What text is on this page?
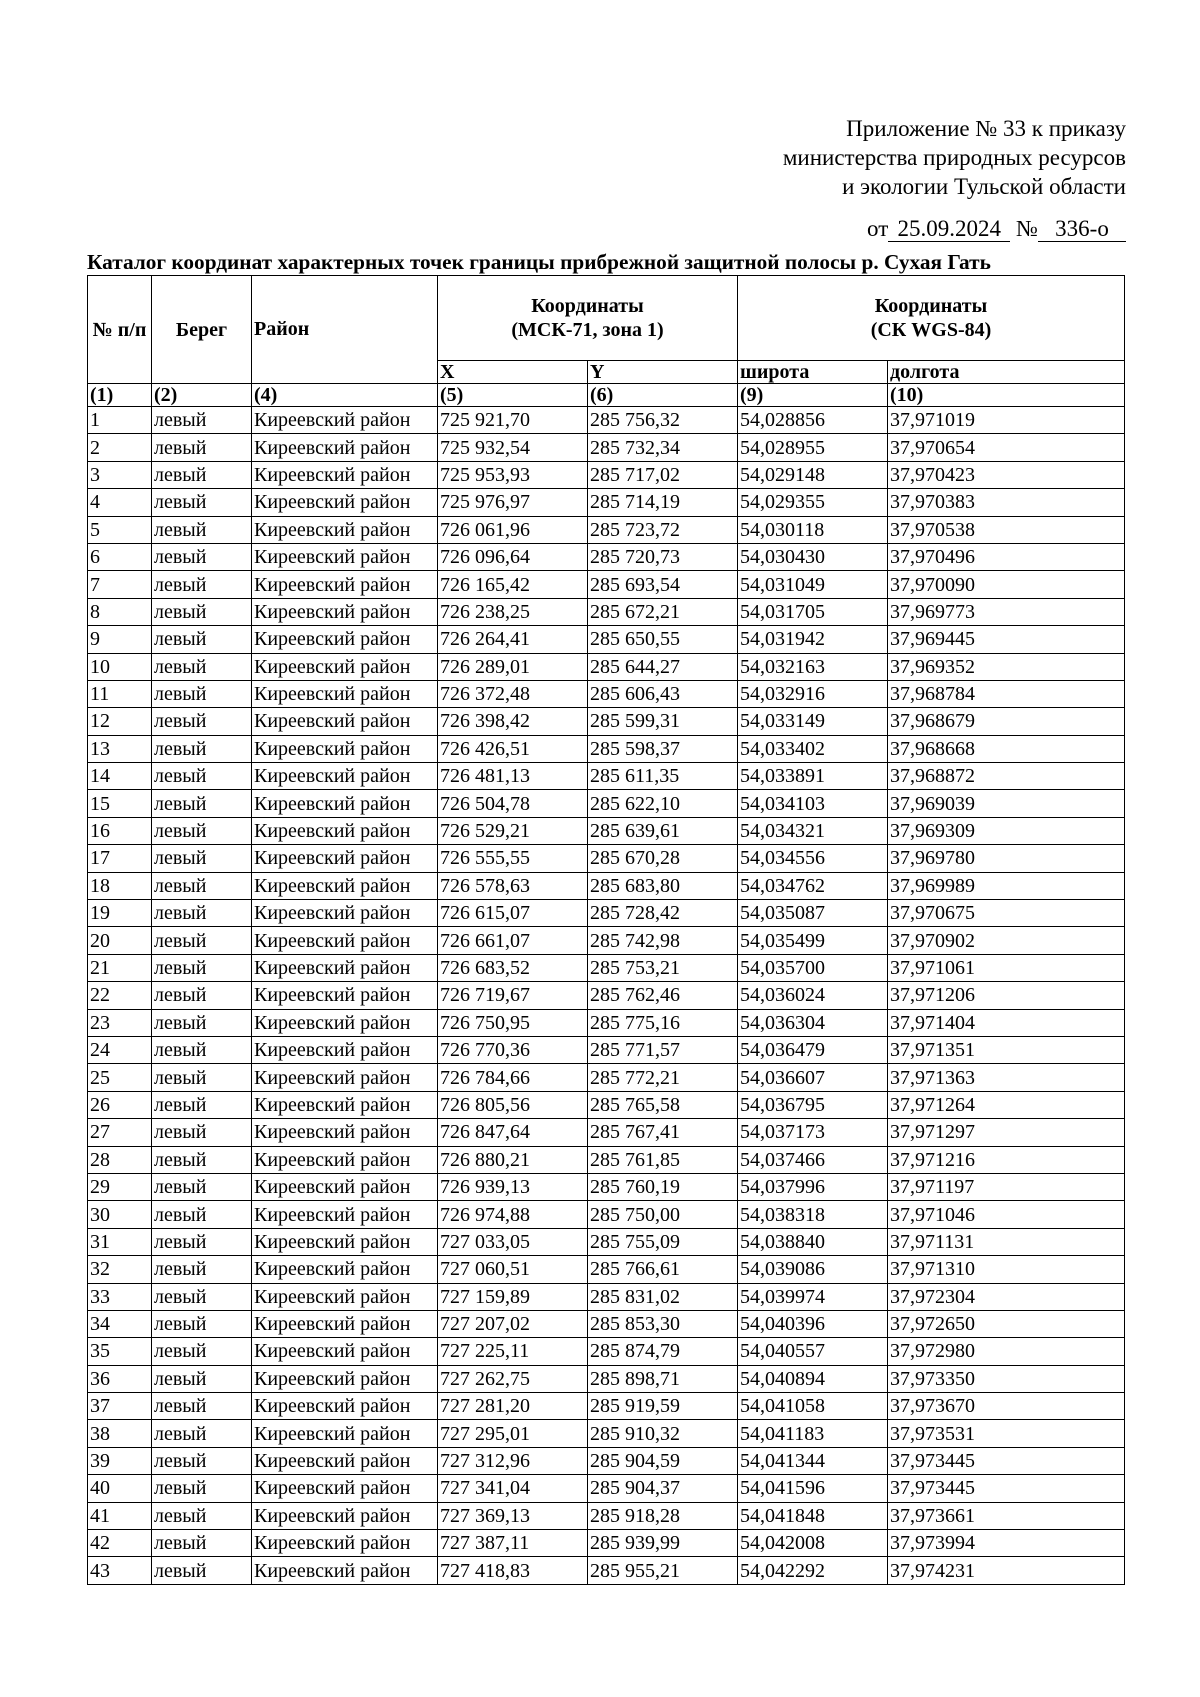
Приложение № 33 к приказу
министерства природных ресурсов
и экологии Тульской области
от 25.09.2024 № 336-о
Каталог координат характерных точек границы прибрежной защитной полосы р. Сухая Гать
№ п/п	Берег	Район	Координаты (МСК-71, зона 1)		Координаты (СК WGS-84)	
			X	Y	широта	долгота
(1)	(2)	(4)	(5)	(6)	(9)	(10)
1	левый	Киреевский район	725 921,70	285 756,32	54,028856	37,971019
2	левый	Киреевский район	725 932,54	285 732,34	54,028955	37,970654
3	левый	Киреевский район	725 953,93	285 717,02	54,029148	37,970423
4	левый	Киреевский район	725 976,97	285 714,19	54,029355	37,970383
5	левый	Киреевский район	726 061,96	285 723,72	54,030118	37,970538
6	левый	Киреевский район	726 096,64	285 720,73	54,030430	37,970496
7	левый	Киреевский район	726 165,42	285 693,54	54,031049	37,970090
8	левый	Киреевский район	726 238,25	285 672,21	54,031705	37,969773
9	левый	Киреевский район	726 264,41	285 650,55	54,031942	37,969445
10	левый	Киреевский район	726 289,01	285 644,27	54,032163	37,969352
11	левый	Киреевский район	726 372,48	285 606,43	54,032916	37,968784
12	левый	Киреевский район	726 398,42	285 599,31	54,033149	37,968679
13	левый	Киреевский район	726 426,51	285 598,37	54,033402	37,968668
14	левый	Киреевский район	726 481,13	285 611,35	54,033891	37,968872
15	левый	Киреевский район	726 504,78	285 622,10	54,034103	37,969039
16	левый	Киреевский район	726 529,21	285 639,61	54,034321	37,969309
17	левый	Киреевский район	726 555,55	285 670,28	54,034556	37,969780
18	левый	Киреевский район	726 578,63	285 683,80	54,034762	37,969989
19	левый	Киреевский район	726 615,07	285 728,42	54,035087	37,970675
20	левый	Киреевский район	726 661,07	285 742,98	54,035499	37,970902
21	левый	Киреевский район	726 683,52	285 753,21	54,035700	37,971061
22	левый	Киреевский район	726 719,67	285 762,46	54,036024	37,971206
23	левый	Киреевский район	726 750,95	285 775,16	54,036304	37,971404
24	левый	Киреевский район	726 770,36	285 771,57	54,036479	37,971351
25	левый	Киреевский район	726 784,66	285 772,21	54,036607	37,971363
26	левый	Киреевский район	726 805,56	285 765,58	54,036795	37,971264
27	левый	Киреевский район	726 847,64	285 767,41	54,037173	37,971297
28	левый	Киреевский район	726 880,21	285 761,85	54,037466	37,971216
29	левый	Киреевский район	726 939,13	285 760,19	54,037996	37,971197
30	левый	Киреевский район	726 974,88	285 750,00	54,038318	37,971046
31	левый	Киреевский район	727 033,05	285 755,09	54,038840	37,971131
32	левый	Киреевский район	727 060,51	285 766,61	54,039086	37,971310
33	левый	Киреевский район	727 159,89	285 831,02	54,039974	37,972304
34	левый	Киреевский район	727 207,02	285 853,30	54,040396	37,972650
35	левый	Киреевский район	727 225,11	285 874,79	54,040557	37,972980
36	левый	Киреевский район	727 262,75	285 898,71	54,040894	37,973350
37	левый	Киреевский район	727 281,20	285 919,59	54,041058	37,973670
38	левый	Киреевский район	727 295,01	285 910,32	54,041183	37,973531
39	левый	Киреевский район	727 312,96	285 904,59	54,041344	37,973445
40	левый	Киреевский район	727 341,04	285 904,37	54,041596	37,973445
41	левый	Киреевский район	727 369,13	285 918,28	54,041848	37,973661
42	левый	Киреевский район	727 387,11	285 939,99	54,042008	37,973994
43	левый	Киреевский район	727 418,83	285 955,21	54,042292	37,974231
